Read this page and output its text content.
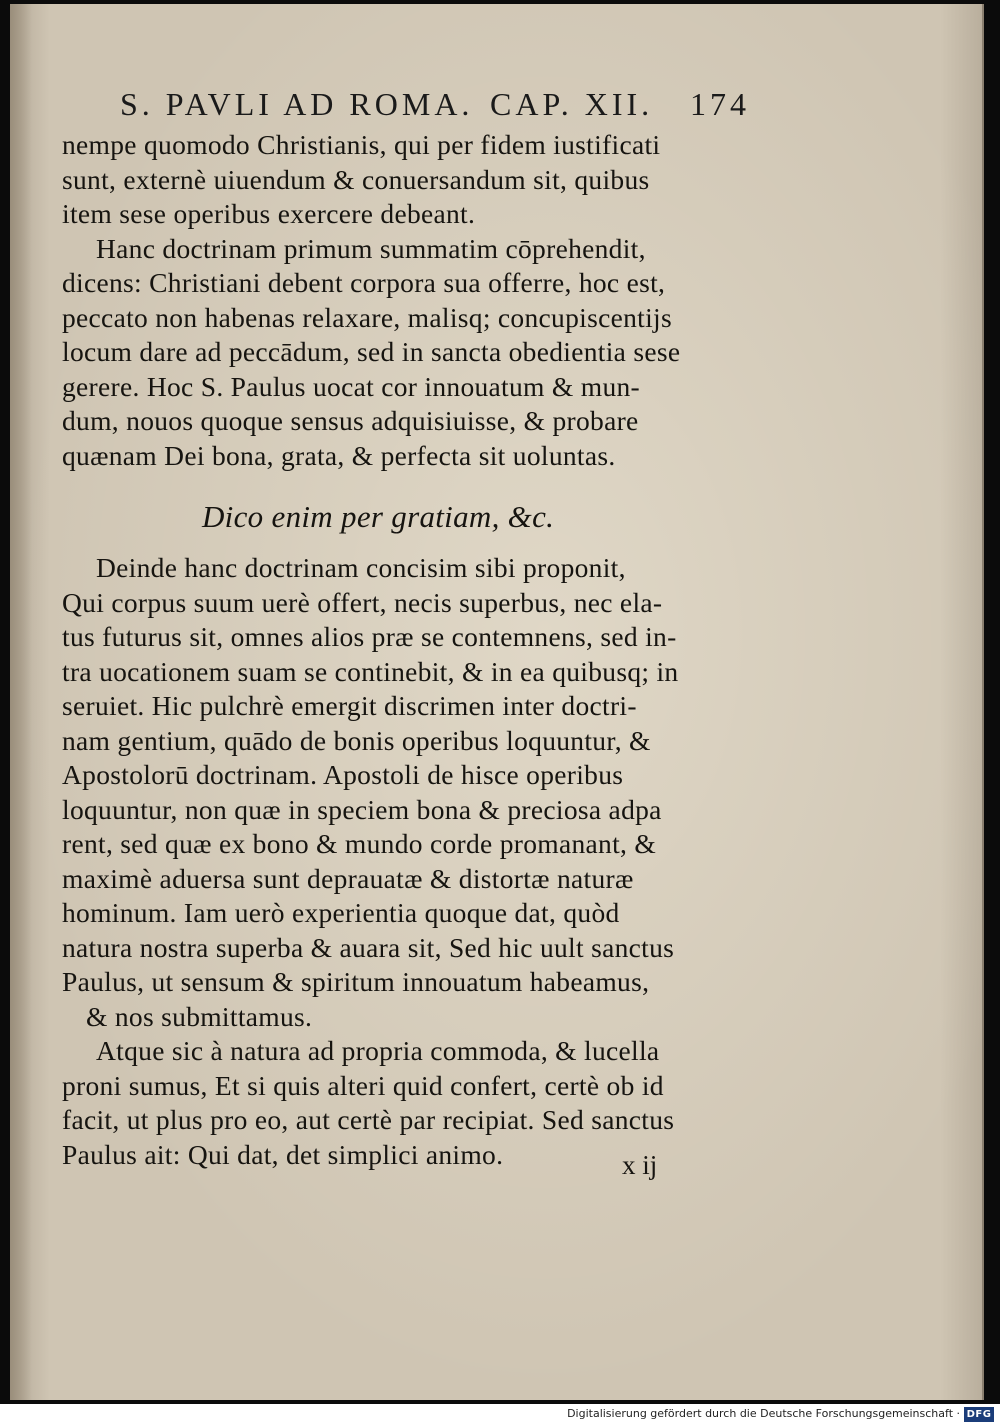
S. PAVLI AD ROMA. CAP. XII. 174
nempe quomodo Christianis, qui per fidem iustificati
sunt, externè uiuendum & conuersandum sit, quibus
item sese operibus exercere debeant.
Hanc doctrinam primum summatim cōprehendit,
dicens: Christiani debent corpora sua offerre, hoc est,
peccato non habenas relaxare, malisq; concupiscentijs
locum dare ad peccādum, sed in sancta obedientia sese
gerere. Hoc S. Paulus uocat cor innouatum & mun-
dum, nouos quoque sensus adquisiuisse, & probare
quænam Dei bona, grata, & perfecta sit uoluntas.
Dico enim per gratiam, &c.
Deinde hanc doctrinam concisim sibi proponit,
Qui corpus suum uerè offert, necis superbus, nec ela-
tus futurus sit, omnes alios præ se contemnens, sed in-
tra uocationem suam se continebit, & in ea quibusq; in
seruiet. Hic pulchrè emergit discrimen inter doctri-
nam gentium, quādo de bonis operibus loquuntur, &
Apostolorū doctrinam. Apostoli de hisce operibus
loquuntur, non quæ in speciem bona & preciosa adpa
rent, sed quæ ex bono & mundo corde promanant, &
maximè aduersa sunt deprauatæ & distortæ naturæ
hominum. Iam uerò experientia quoque dat, quòd
natura nostra superba & auara sit, Sed hic uult sanctus
Paulus, ut sensum & spiritum innouatum habeamus,
& nos submittamus.
Atque sic à natura ad propria commoda, & lucella
proni sumus, Et si quis alteri quid confert, certè ob id
facit, ut plus pro eo, aut certè par recipiat. Sed sanctus
Paulus ait: Qui dat, det simplici animo.	x ij
Digitalisierung gefördert durch die Deutsche Forschungsgemeinschaft · DFG
